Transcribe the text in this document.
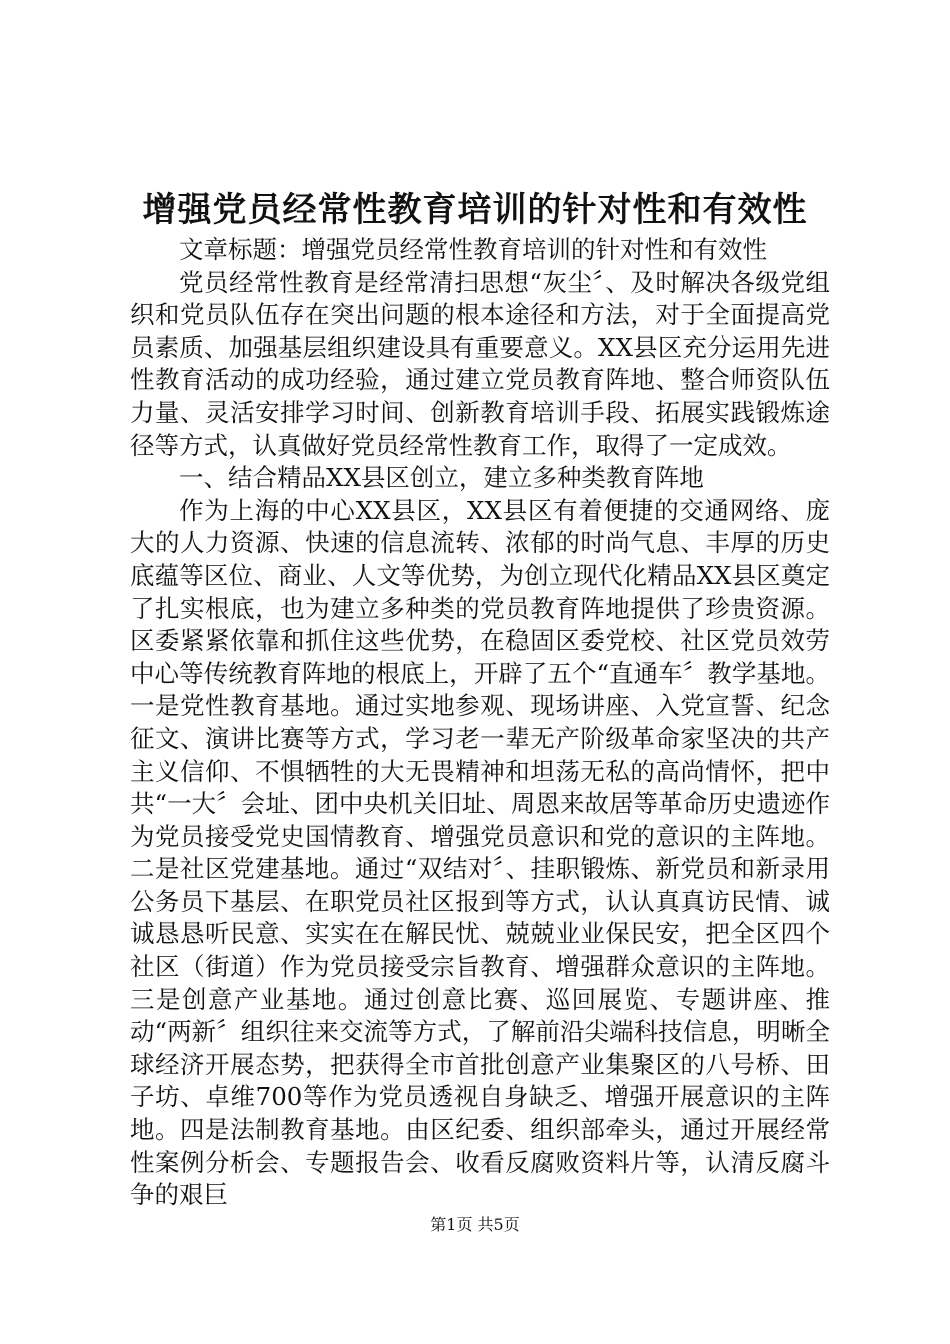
增强党员经常性教育培训的针对性和有效性

文章标题：增强党员经常性教育培训的针对性和有效性

党员经常性教育是经常清扫思想“灰尘〞、及时解决各级党组织和党员队伍存在突出问题的根本途径和方法，对于全面提高党员素质、加强基层组织建设具有重要意义。XX县区充分运用先进性教育活动的成功经验，通过建立党员教育阵地、整合师资队伍力量、灵活安排学习时间、创新教育培训手段、拓展实践锻炼途径等方式，认真做好党员经常性教育工作，取得了一定成效。

一、结合精品XX县区创立，建立多种类教育阵地

作为上海的中心XX县区，XX县区有着便捷的交通网络、庞大的人力资源、快速的信息流转、浓郁的时尚气息、丰厚的历史底蕴等区位、商业、人文等优势，为创立现代化精品XX县区奠定了扎实根底，也为建立多种类的党员教育阵地提供了珍贵资源。区委紧紧依靠和抓住这些优势，在稳固区委党校、社区党员效劳中心等传统教育阵地的根底上，开辟了五个“直通车〞教学基地。一是党性教育基地。通过实地参观、现场讲座、入党宣誓、纪念征文、演讲比赛等方式，学习老一辈无产阶级革命家坚决的共产主义信仰、不惧牺牲的大无畏精神和坦荡无私的高尚情怀，把中共“一大〞会址、团中央机关旧址、周恩来故居等革命历史遗迹作为党员接受党史国情教育、增强党员意识和党的意识的主阵地。二是社区党建基地。通过“双结对〞、挂职锻炼、新党员和新录用公务员下基层、在职党员社区报到等方式，认认真真访民情、诚诚恳恳听民意、实实在在解民忧、兢兢业业保民安，把全区四个社区（街道）作为党员接受宗旨教育、增强群众意识的主阵地。三是创意产业基地。通过创意比赛、巡回展览、专题讲座、推动“两新〞组织往来交流等方式，了解前沿尖端科技信息，明晰全球经济开展态势，把获得全市首批创意产业集聚区的八号桥、田子坊、卓维700等作为党员透视自身缺乏、增强开展意识的主阵地。四是法制教育基地。由区纪委、组织部牵头，通过开展经常性案例分析会、专题报告会、收看反腐败资料片等，认清反腐斗争的艰巨

第1页 共5页
